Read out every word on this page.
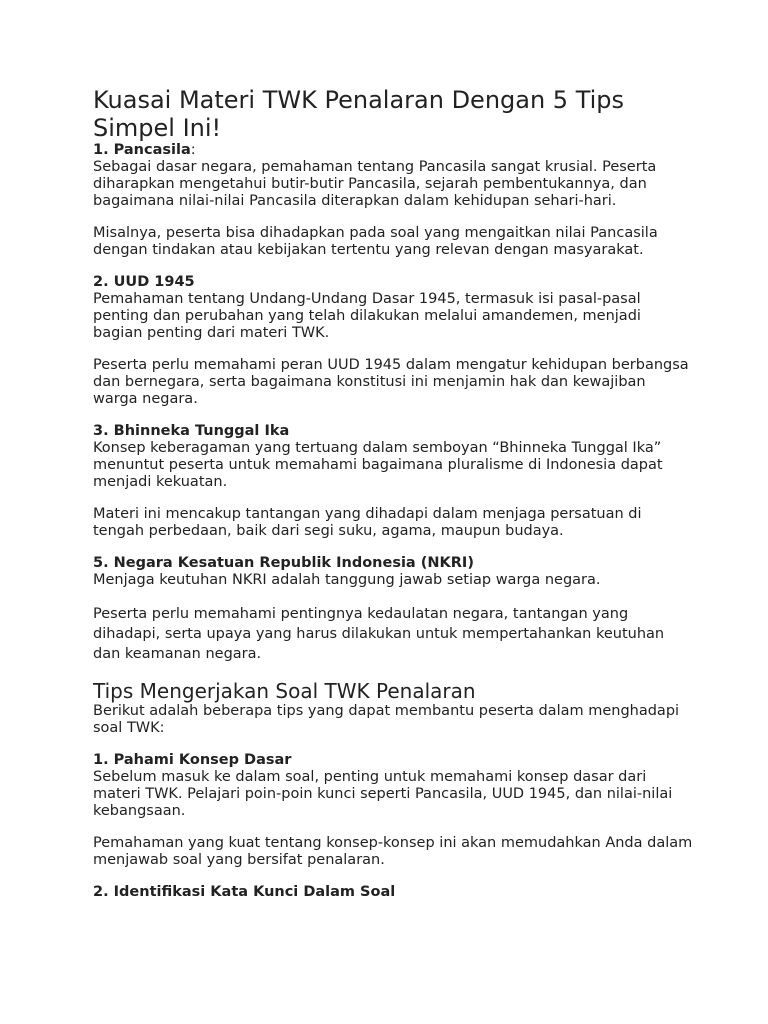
Kuasai Materi TWK Penalaran Dengan 5 Tips Simpel Ini!

1. Pancasila:

Sebagai dasar negara, pemahaman tentang Pancasila sangat krusial. Peserta diharapkan mengetahui butir-butir Pancasila, sejarah pembentukannya, dan bagaimana nilai-nilai Pancasila diterapkan dalam kehidupan sehari-hari.

Misalnya, peserta bisa dihadapkan pada soal yang mengaitkan nilai Pancasila dengan tindakan atau kebijakan tertentu yang relevan dengan masyarakat.

2. UUD 1945

Pemahaman tentang Undang-Undang Dasar 1945, termasuk isi pasal-pasal penting dan perubahan yang telah dilakukan melalui amandemen, menjadi bagian penting dari materi TWK.

Peserta perlu memahami peran UUD 1945 dalam mengatur kehidupan berbangsa dan bernegara, serta bagaimana konstitusi ini menjamin hak dan kewajiban warga negara.

3. Bhinneka Tunggal Ika

Konsep keberagaman yang tertuang dalam semboyan “Bhinneka Tunggal Ika” menuntut peserta untuk memahami bagaimana pluralisme di Indonesia dapat menjadi kekuatan.

Materi ini mencakup tantangan yang dihadapi dalam menjaga persatuan di tengah perbedaan, baik dari segi suku, agama, maupun budaya.

5. Negara Kesatuan Republik Indonesia (NKRI)

Menjaga keutuhan NKRI adalah tanggung jawab setiap warga negara.

Peserta perlu memahami pentingnya kedaulatan negara, tantangan yang dihadapi, serta upaya yang harus dilakukan untuk mempertahankan keutuhan dan keamanan negara.

Tips Mengerjakan Soal TWK Penalaran

Berikut adalah beberapa tips yang dapat membantu peserta dalam menghadapi soal TWK:

1. Pahami Konsep Dasar

Sebelum masuk ke dalam soal, penting untuk memahami konsep dasar dari materi TWK. Pelajari poin-poin kunci seperti Pancasila, UUD 1945, dan nilai-nilai kebangsaan.

Pemahaman yang kuat tentang konsep-konsep ini akan memudahkan Anda dalam menjawab soal yang bersifat penalaran.

2. Identifikasi Kata Kunci Dalam Soal
